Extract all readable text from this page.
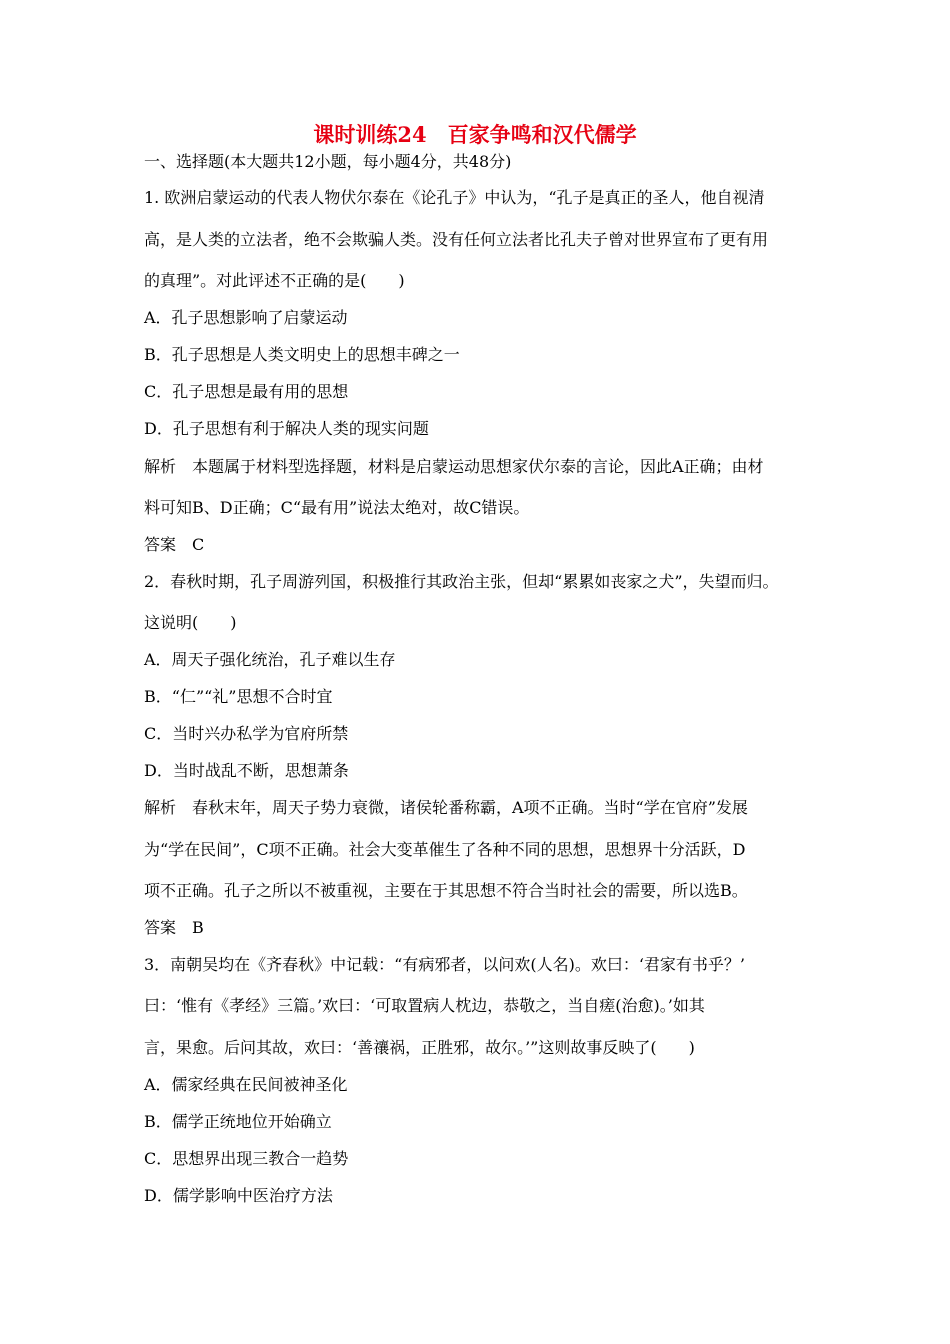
课时训练24　百家争鸣和汉代儒学
一、选择题(本大题共12小题，每小题4分，共48分)
1. 欧洲启蒙运动的代表人物伏尔泰在《论孔子》中认为，“孔子是真正的圣人，他自视清
高，是人类的立法者，绝不会欺骗人类。没有任何立法者比孔夫子曾对世界宣布了更有用
的真理”。对此评述不正确的是(　　)
A．孔子思想影响了启蒙运动
B．孔子思想是人类文明史上的思想丰碑之一
C．孔子思想是最有用的思想
D．孔子思想有利于解决人类的现实问题
解析　本题属于材料型选择题，材料是启蒙运动思想家伏尔泰的言论，因此A正确；由材
料可知B、D正确；C“最有用”说法太绝对，故C错误。
答案　C
2．春秋时期，孔子周游列国，积极推行其政治主张，但却“累累如丧家之犬”，失望而归。
这说明(　　)
A．周天子强化统治，孔子难以生存
B．“仁”“礼”思想不合时宜
C．当时兴办私学为官府所禁
D．当时战乱不断，思想萧条
解析　春秋末年，周天子势力衰微，诸侯轮番称霸，A项不正确。当时“学在官府”发展
为“学在民间”，C项不正确。社会大变革催生了各种不同的思想，思想界十分活跃，D
项不正确。孔子之所以不被重视，主要在于其思想不符合当时社会的需要，所以选B。
答案　B
3．南朝吴均在《齐春秋》中记载：“有病邪者，以问欢(人名)。欢曰：‘君家有书乎？’
曰：‘惟有《孝经》三篇。’欢曰：‘可取置病人枕边，恭敬之，当自瘥(治愈)。’如其
言，果愈。后问其故，欢曰：‘善禳祸，正胜邪，故尔。’”这则故事反映了(　　)
A．儒家经典在民间被神圣化
B．儒学正统地位开始确立
C．思想界出现三教合一趋势
D．儒学影响中医治疗方法
